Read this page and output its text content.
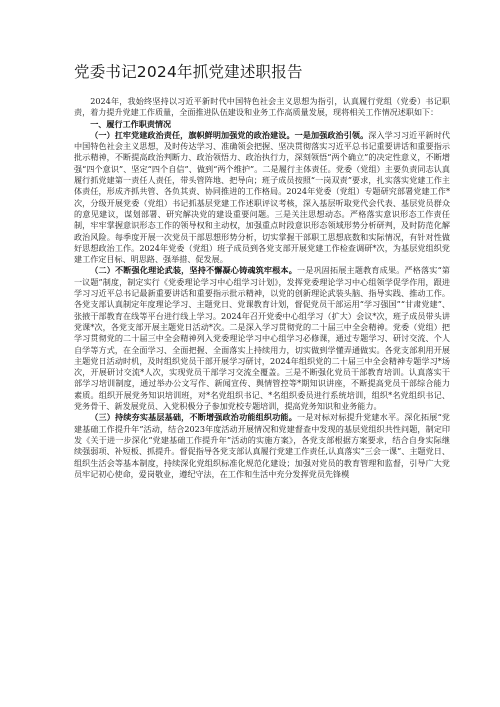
党委书记2024年抓党建述职报告

2024年，我始终坚持以习近平新时代中国特色社会主义思想为指引，认真履行党组（党委）书记职责，着力提升党建工作质量，全面推进队伍建设和业务工作高质量发展，现将相关工作情况述职如下：

一、履行工作职责情况

（一）扛牢党建政治责任，旗帜鲜明加强党的政治建设。一是加强政治引领。深入学习习近平新时代中国特色社会主义思想，及时传达学习、准确领会把握、坚决贯彻落实习近平总书记重要讲话和重要指示批示精神，不断提高政治判断力、政治领悟力、政治执行力，深刻领悟“两个确立”的决定性意义，不断增强“四个意识”、坚定“四个自信”、做到“两个维护”。二是履行主体责任。党委（党组）主要负责同志认真履行抓党建第一责任人责任，带头管阵地、把导向；班子成员按照“一岗双责”要求，扎实落实党建工作主体责任，形成齐抓共管、各负其责、协同推进的工作格局。2024年党委（党组）专题研究部署党建工作*次，分级开展党委（党组）书记抓基层党建工作述职评议考核，深入基层听取党代会代表、基层党员群众的意见建议，谋划部署、研究解决党的建设重要问题。三是关注思想动态。严格落实意识形态工作责任制，牢牢掌握意识形态工作的领导权和主动权，加强重点时段意识形态领域形势分析研判，及时防范化解政治风险。每季度开展一次党员干部思想形势分析，切实掌握干部职工思想底数和实际情况，有针对性做好思想政治工作。2024年党委（党组）班子成员到各党支部开展党建工作检查调研*次，为基层党组织党建工作定目标、明思路、强举措、促发展。

（二）不断强化理论武装，坚持不懈凝心铸魂筑牢根本。一是巩固拓展主题教育成果。严格落实“第一议题”制度，制定实行《党委理论学习中心组学习计划》，发挥党委理论学习中心组领学促学作用，跟进学习习近平总书记最新重要讲话和重要指示批示精神，以党的创新理论武装头脑、指导实践、推动工作。各党支部认真制定年度理论学习、主题党日、党课教育计划，督促党员干部运用“学习强国”“甘肃党建”、张掖干部教育在线等平台进行线上学习。2024年召开党委中心组学习（扩大）会议*次，班子成员带头讲党课*次，各党支部开展主题党日活动*次。二是深入学习贯彻党的二十届三中全会精神。党委（党组）把学习贯彻党的二十届三中全会精神列入党委理论学习中心组学习必修课，通过专题学习、研讨交流、个人自学等方式，在全面学习、全面把握、全面落实上持续用力，切实做到学懂弄通做实。各党支部利用开展主题党日活动时机，及时组织党员干部开展学习研讨，2024年组织党的二十届三中全会精神专题学习*场次，开展研讨交流*人次，实现党员干部学习交流全覆盖。三是不断强化党员干部教育培训。认真落实干部学习培训制度，通过举办公文写作、新闻宣传、舆情管控等*期知识讲座，不断提高党员干部综合能力素质。组织开展党务知识培训班，对*名党组织书记、*名组织委员进行系统培训，组织*名党组织书记、党务骨干、新发展党员、入党积极分子参加党校专题培训，提高党务知识和业务能力。

（三）持续夯实基层基础，不断增强政治功能组织功能。一是对标对标提升党建水平。深化拓展“党建基础工作提升年”活动，结合2023年度活动开展情况和党建督查中发现的基层党组织共性问题，制定印发《关于进一步深化“党建基础工作提升年”活动的实施方案》，各党支部根据方案要求，结合自身实际继续强弱项、补短板、抓提升。督促指导各党支部认真履行党建工作责任,认真落实“三会一课”、主题党日、组织生活会等基本制度，持续深化党组织标准化规范化建设；加强对党员的教育管理和监督，引导广大党员牢记初心使命，爱岗敬业，遵纪守法，在工作和生活中充分发挥党员先锋模
